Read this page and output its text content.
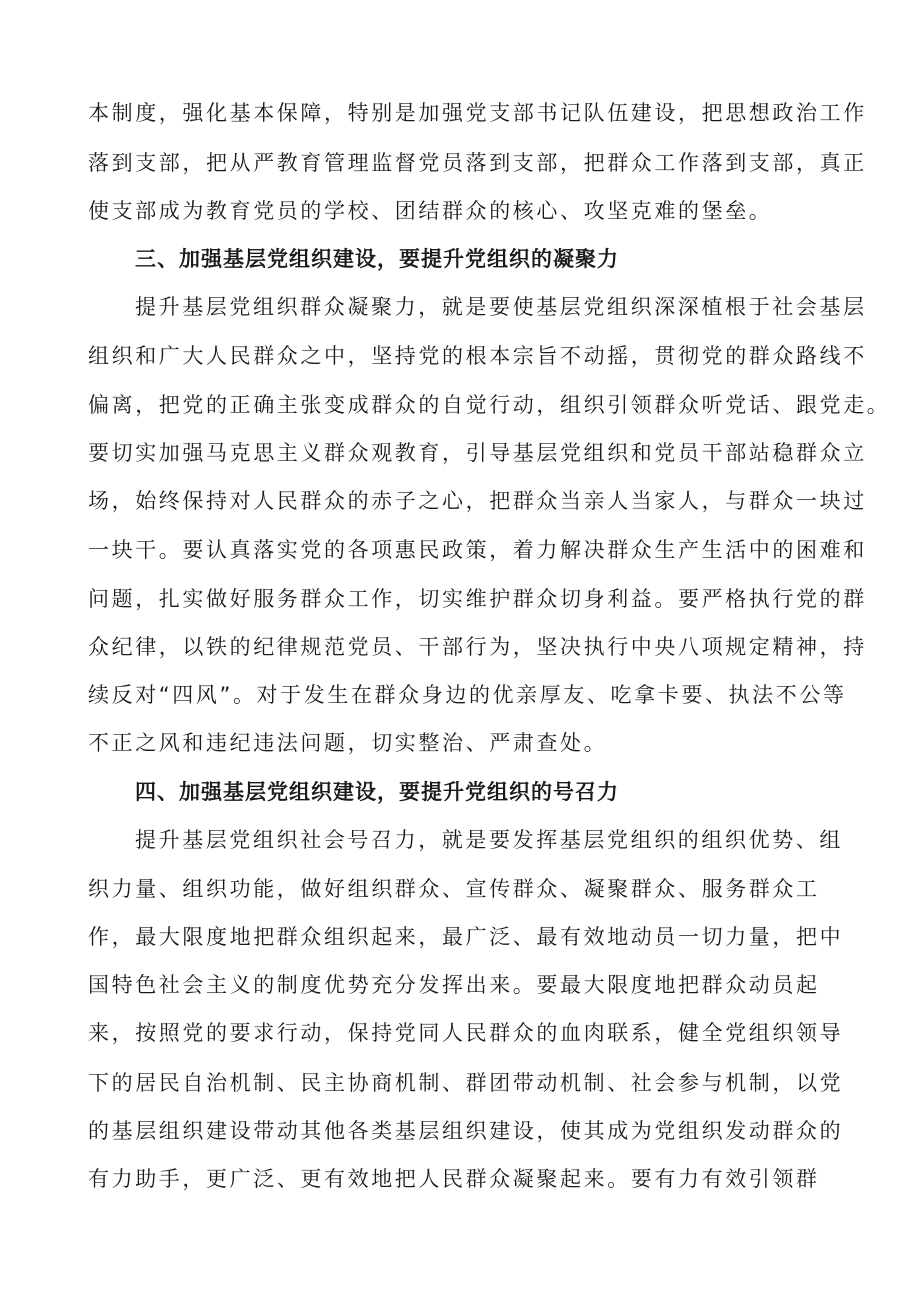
本制度，强化基本保障，特别是加强党支部书记队伍建设，把思想政治工作
落到支部，把从严教育管理监督党员落到支部，把群众工作落到支部，真正
使支部成为教育党员的学校、团结群众的核心、攻坚克难的堡垒。
三、加强基层党组织建设，要提升党组织的凝聚力
提升基层党组织群众凝聚力，就是要使基层党组织深深植根于社会基层
组织和广大人民群众之中，坚持党的根本宗旨不动摇，贯彻党的群众路线不
偏离，把党的正确主张变成群众的自觉行动，组织引领群众听党话、跟党走。
要切实加强马克思主义群众观教育，引导基层党组织和党员干部站稳群众立
场，始终保持对人民群众的赤子之心，把群众当亲人当家人，与群众一块过
一块干。要认真落实党的各项惠民政策，着力解决群众生产生活中的困难和
问题，扎实做好服务群众工作，切实维护群众切身利益。要严格执行党的群
众纪律，以铁的纪律规范党员、干部行为，坚决执行中央八项规定精神，持
续反对“四风”。对于发生在群众身边的优亲厚友、吃拿卡要、执法不公等
不正之风和违纪违法问题，切实整治、严肃查处。
四、加强基层党组织建设，要提升党组织的号召力
提升基层党组织社会号召力，就是要发挥基层党组织的组织优势、组
织力量、组织功能，做好组织群众、宣传群众、凝聚群众、服务群众工
作，最大限度地把群众组织起来，最广泛、最有效地动员一切力量，把中
国特色社会主义的制度优势充分发挥出来。要最大限度地把群众动员起
来，按照党的要求行动，保持党同人民群众的血肉联系，健全党组织领导
下的居民自治机制、民主协商机制、群团带动机制、社会参与机制，以党
的基层组织建设带动其他各类基层组织建设，使其成为党组织发动群众的
有力助手，更广泛、更有效地把人民群众凝聚起来。要有力有效引领群
